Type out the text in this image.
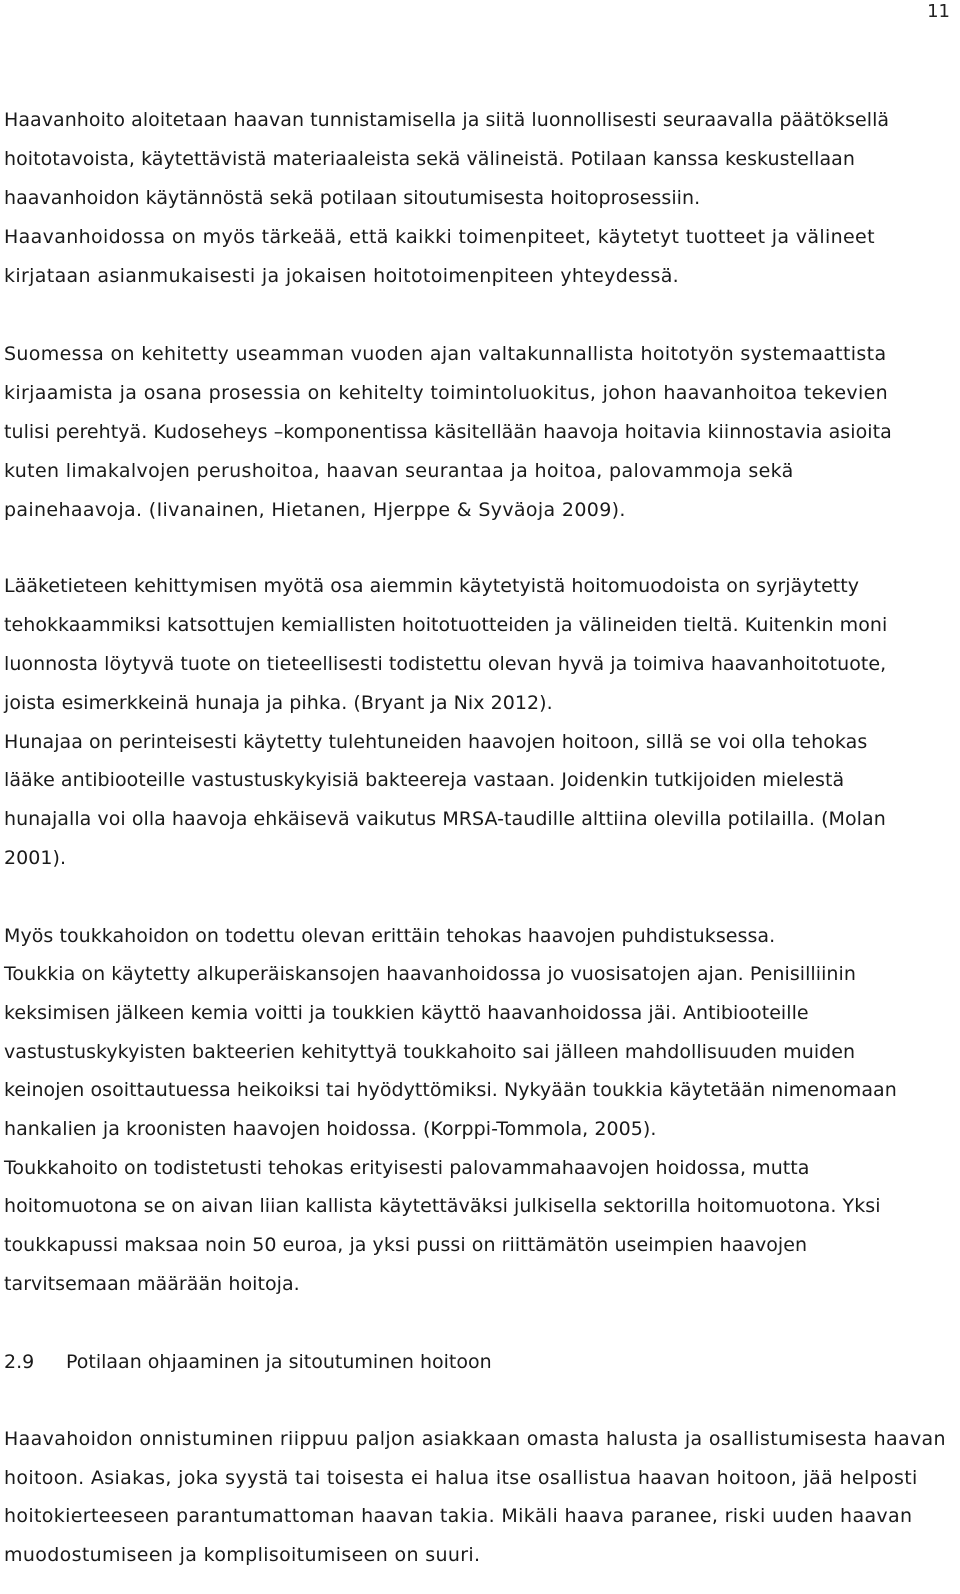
11
Haavanhoito aloitetaan haavan tunnistamisella ja siitä luonnollisesti seuraavalla päätöksellä
hoitotavoista, käytettävistä materiaaleista sekä välineistä. Potilaan kanssa keskustellaan
haavanhoidon käytännöstä sekä potilaan sitoutumisesta hoitoprosessiin.
Haavanhoidossa on myös tärkeää, että kaikki toimenpiteet, käytetyt tuotteet ja välineet
kirjataan asianmukaisesti ja jokaisen hoitotoimenpiteen yhteydessä.
Suomessa on kehitetty useamman vuoden ajan valtakunnallista hoitotyön systemaattista
kirjaamista ja osana prosessia on kehitelty toimintoluokitus, johon haavanhoitoa tekevien
tulisi perehtyä. Kudoseheys –komponentissa käsitellään haavoja hoitavia kiinnostavia asioita
kuten limakalvojen perushoitoa, haavan seurantaa ja hoitoa, palovammoja sekä
painehaavoja. (Iivanainen, Hietanen, Hjerppe & Syväoja 2009).
Lääketieteen kehittymisen myötä osa aiemmin käytetyistä hoitomuodoista on syrjäytetty
tehokkaammiksi katsottujen kemiallisten hoitotuotteiden ja välineiden tieltä. Kuitenkin moni
luonnosta löytyvä tuote on tieteellisesti todistettu olevan hyvä ja toimiva haavanhoitotuote,
joista esimerkkeinä hunaja ja pihka. (Bryant ja Nix 2012).
Hunajaa on perinteisesti käytetty tulehtuneiden haavojen hoitoon, sillä se voi olla tehokas
lääke antibiooteille vastustuskykyisiä bakteereja vastaan. Joidenkin tutkijoiden mielestä
hunajalla voi olla haavoja ehkäisevä vaikutus MRSA-taudille alttiina olevilla potilailla. (Molan
2001).
Myös toukkahoidon on todettu olevan erittäin tehokas haavojen puhdistuksessa.
Toukkia on käytetty alkuperäiskansojen haavanhoidossa jo vuosisatojen ajan. Penisilliinin
keksimisen jälkeen kemia voitti ja toukkien käyttö haavanhoidossa jäi. Antibiooteille
vastustuskykyisten bakteerien kehityttyä toukkahoito sai jälleen mahdollisuuden muiden
keinojen osoittautuessa heikoiksi tai hyödyttömiksi. Nykyään toukkia käytetään nimenomaan
hankalien ja kroonisten haavojen hoidossa. (Korppi-Tommola, 2005).
Toukkahoito on todistetusti tehokas erityisesti palovammahaavojen hoidossa, mutta
hoitomuotona se on aivan liian kallista käytettäväksi julkisella sektorilla hoitomuotona. Yksi
toukkapussi maksaa noin 50 euroa, ja yksi pussi on riittämätön useimpien haavojen
tarvitsemaan määrään hoitoja.
2.9 Potilaan ohjaaminen ja sitoutuminen hoitoon
Haavahoidon onnistuminen riippuu paljon asiakkaan omasta halusta ja osallistumisesta haavan
hoitoon. Asiakas, joka syystä tai toisesta ei halua itse osallistua haavan hoitoon, jää helposti
hoitokierteeseen parantumattoman haavan takia. Mikäli haava paranee, riski uuden haavan
muodostumiseen ja komplisoitumiseen on suuri.
